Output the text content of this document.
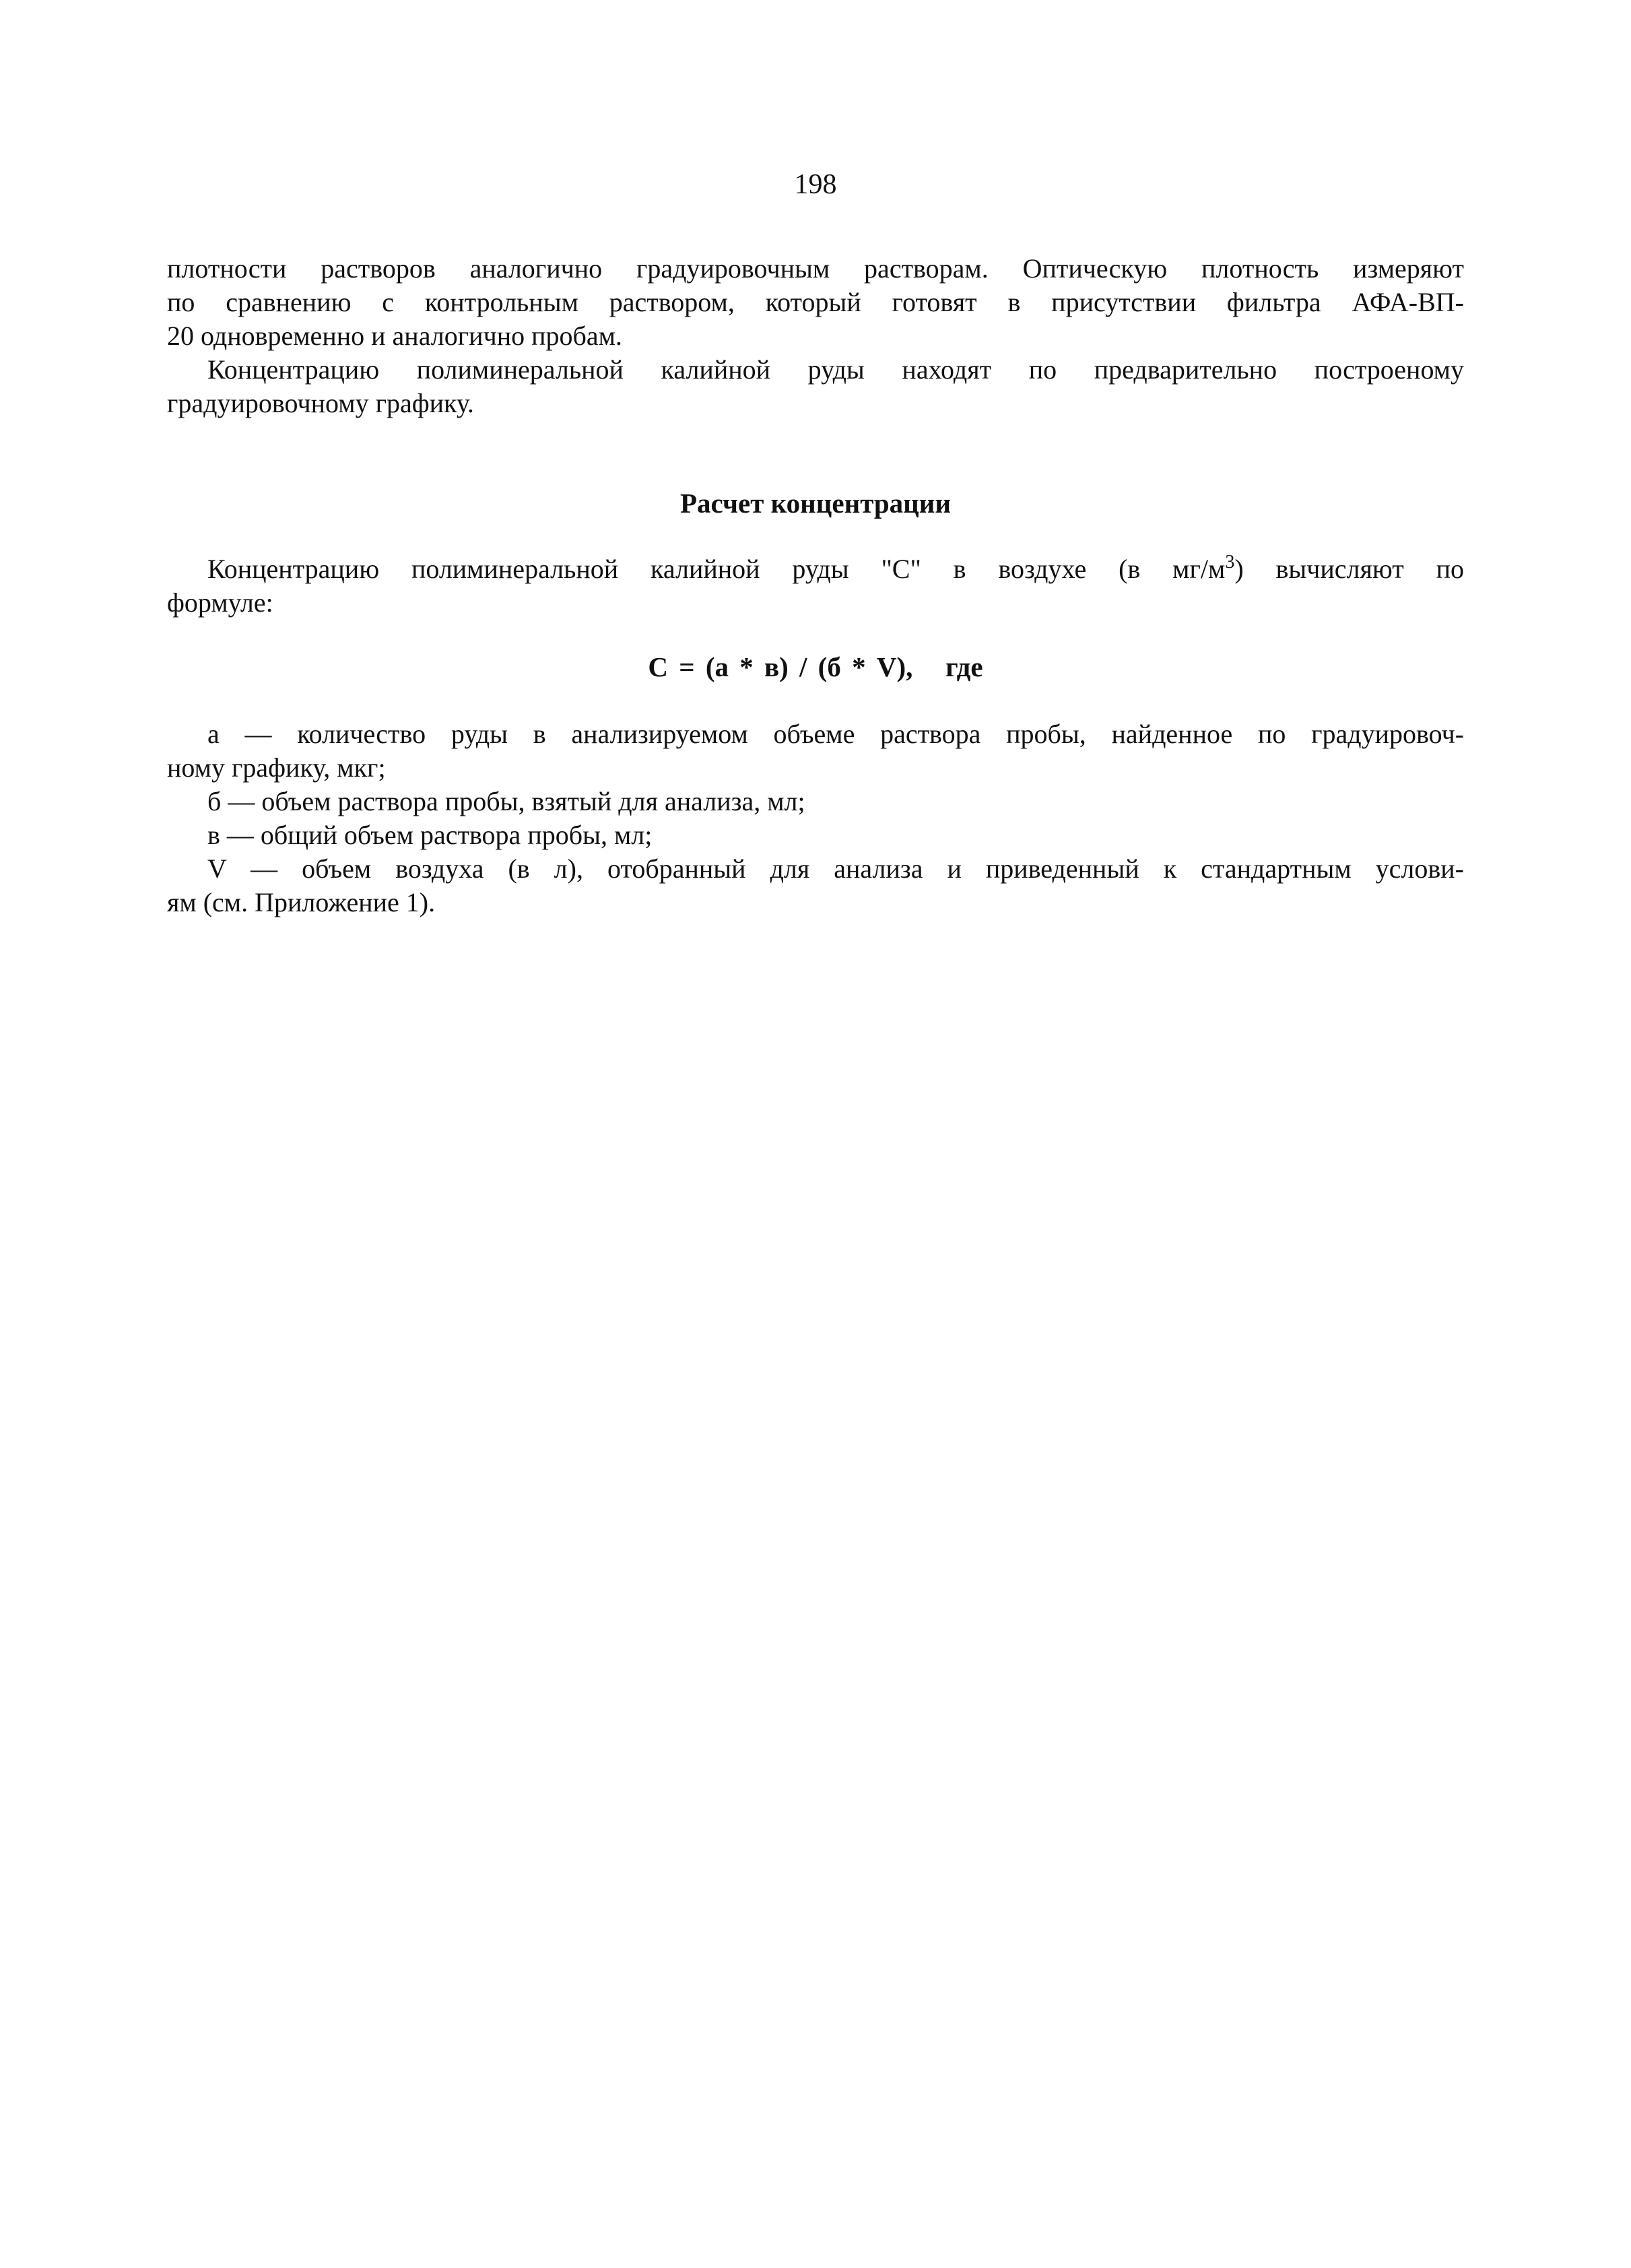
198

плотности растворов аналогично градуировочным растворам. Оптическую плотность измеряют

по сравнению с контрольным раствором, который готовят в присутствии фильтра АФА-ВП-

20 одновременно и аналогично пробам.

Концентрацию полиминеральной калийной руды находят по предварительно построеному

градуировочному графику.

Расчет концентрации

Концентрацию полиминеральной калийной руды "С" в воздухе (в $мг/м^3$) вычисляют по

формуле:

С = (а * в) / (б * V), где

а — количество руды в анализируемом объеме раствора пробы, найденное по градуировоч-

ному графику, мкг;

б — объем раствора пробы, взятый для анализа, мл;

в — общий объем раствора пробы, мл;

V — объем воздуха (в л), отобранный для анализа и приведенный к стандартным услови-

ям (см. Приложение 1).
